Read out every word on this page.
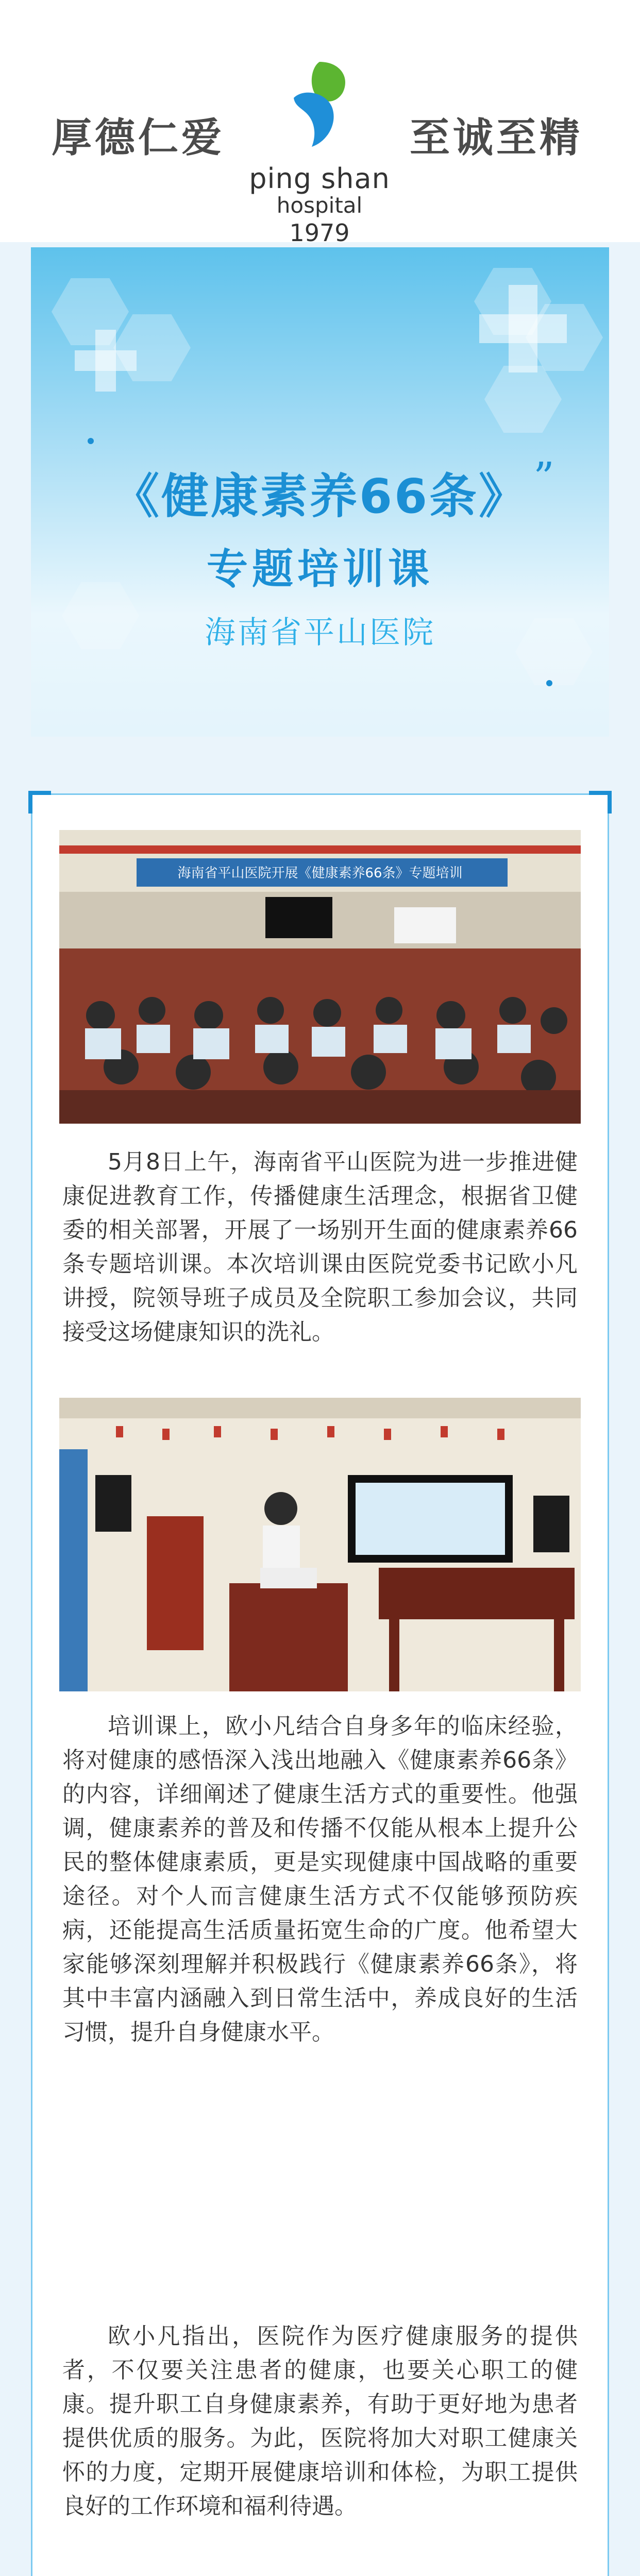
厚德仁爱
ping shan
hospital
1979
至诚至精
”
《健康素养66条》
专题培训课
海南省平山医院
海南省平山医院开展《健康素养66条》专题培训

5月8日上午，海南省平山医院为进一步推进健康促进教育工作，传播健康生活理念，根据省卫健委的相关部署，开展了一场别开生面的健康素养66条专题培训课。本次培训课由医院党委书记欧小凡讲授，院领导班子成员及全院职工参加会议，共同接受这场健康知识的洗礼。

培训课上，欧小凡结合自身多年的临床经验，将对健康的感悟深入浅出地融入《健康素养66条》的内容，详细阐述了健康生活方式的重要性。他强调，健康素养的普及和传播不仅能从根本上提升公民的整体健康素质，更是实现健康中国战略的重要途径。对个人而言健康生活方式不仅能够预防疾病，还能提高生活质量拓宽生命的广度。他希望大家能够深刻理解并积极践行《健康素养66条》，将其中丰富内涵融入到日常生活中，养成良好的生活习惯，提升自身健康水平。

欧小凡指出，医院作为医疗健康服务的提供者，不仅要关注患者的健康，也要关心职工的健康。提升职工自身健康素养，有助于更好地为患者提供优质的服务。为此，医院将加大对职工健康关怀的力度，定期开展健康培训和体检，为职工提供良好的工作环境和福利待遇。
